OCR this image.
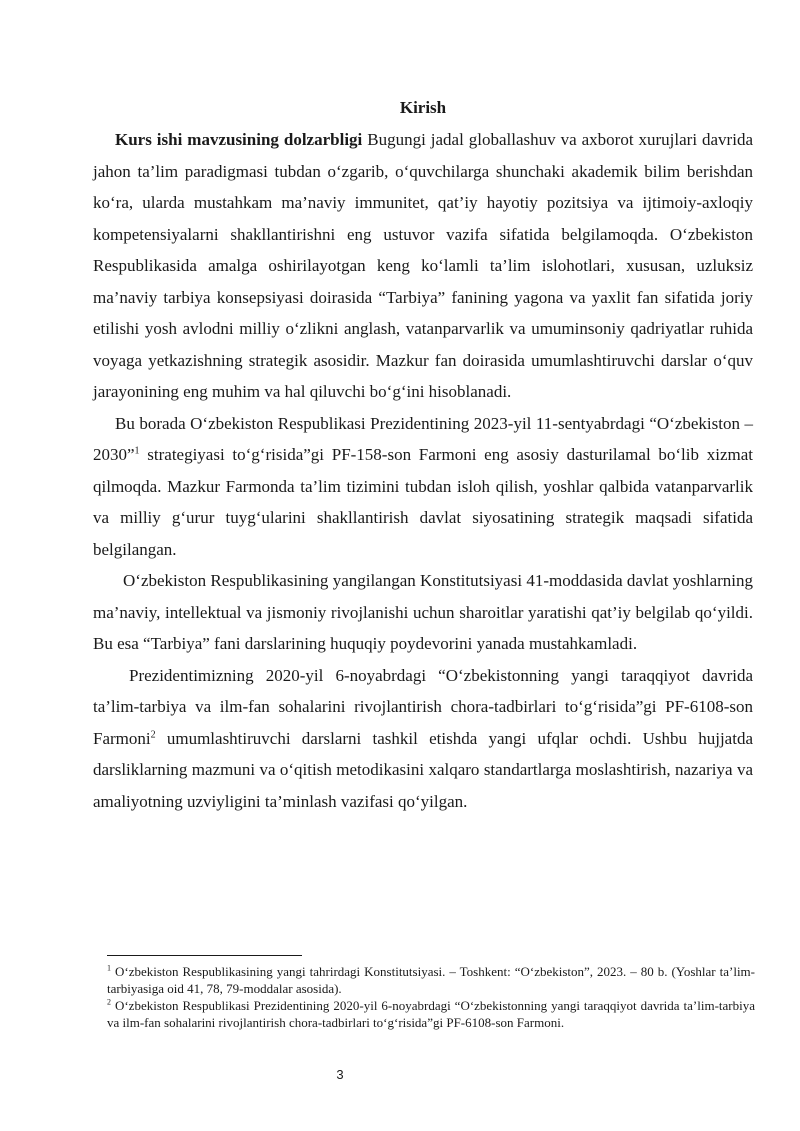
Kirish

Kurs ishi mavzusining dolzarbligi Bugungi jadal globallashuv va axborot xurujlari davrida jahon ta’lim paradigmasi tubdan o‘zgarib, o‘quvchilarga shunchaki akademik bilim berishdan ko‘ra, ularda mustahkam ma’naviy immunitet, qat’iy hayotiy pozitsiya va ijtimoiy-axloqiy kompetensiyalarni shakllantirishni eng ustuvor vazifa sifatida belgilamoqda. O‘zbekiston Respublikasida amalga oshirilayotgan keng ko‘lamli ta’lim islohotlari, xususan, uzluksiz ma’naviy tarbiya konsepsiyasi doirasida “Tarbiya” fanining yagona va yaxlit fan sifatida joriy etilishi yosh avlodni milliy o‘zlikni anglash, vatanparvarlik va umuminsoniy qadriyatlar ruhida voyaga yetkazishning strategik asosidir. Mazkur fan doirasida umumlashtiruvchi darslar o‘quv jarayonining eng muhim va hal qiluvchi bo‘g‘ini hisoblanadi.

Bu borada O‘zbekiston Respublikasi Prezidentining 2023-yil 11-sentyabrdagi “O‘zbekiston – 2030”$^1$ strategiyasi to‘g‘risida”gi PF-158-son Farmoni eng asosiy dasturilamal bo‘lib xizmat qilmoqda. Mazkur Farmonda ta’lim tizimini tubdan isloh qilish, yoshlar qalbida vatanparvarlik va milliy g‘urur tuyg‘ularini shakllantirish davlat siyosatining strategik maqsadi sifatida belgilangan.

O‘zbekiston Respublikasining yangilangan Konstitutsiyasi 41-moddasida davlat yoshlarning ma’naviy, intellektual va jismoniy rivojlanishi uchun sharoitlar yaratishi qat’iy belgilab qo‘yildi. Bu esa “Tarbiya” fani darslarining huquqiy poydevorini yanada mustahkamladi.

Prezidentimizning 2020-yil 6-noyabrdagi “O‘zbekistonning yangi taraqqiyot davrida ta’lim-tarbiya va ilm-fan sohalarini rivojlantirish chora-tadbirlari to‘g‘risida”gi PF-6108-son Farmoni$^2$ umumlashtiruvchi darslarni tashkil etishda yangi ufqlar ochdi. Ushbu hujjatda darsliklarning mazmuni va o‘qitish metodikasini xalqaro standartlarga moslashtirish, nazariya va amaliyotning uzviyligini ta’minlash vazifasi qo‘yilgan.

$^1$ O‘zbekiston Respublikasining yangi tahrirdagi Konstitutsiyasi. – Toshkent: “O‘zbekiston”, 2023. – 80 b. (Yoshlar ta’lim-tarbiyasiga oid 41, 78, 79-moddalar asosida).

$^2$ O‘zbekiston Respublikasi Prezidentining 2020-yil 6-noyabrdagi “O‘zbekistonning yangi taraqqiyot davrida ta’lim-tarbiya va ilm-fan sohalarini rivojlantirish chora-tadbirlari to‘g‘risida”gi PF-6108-son Farmoni.

3
